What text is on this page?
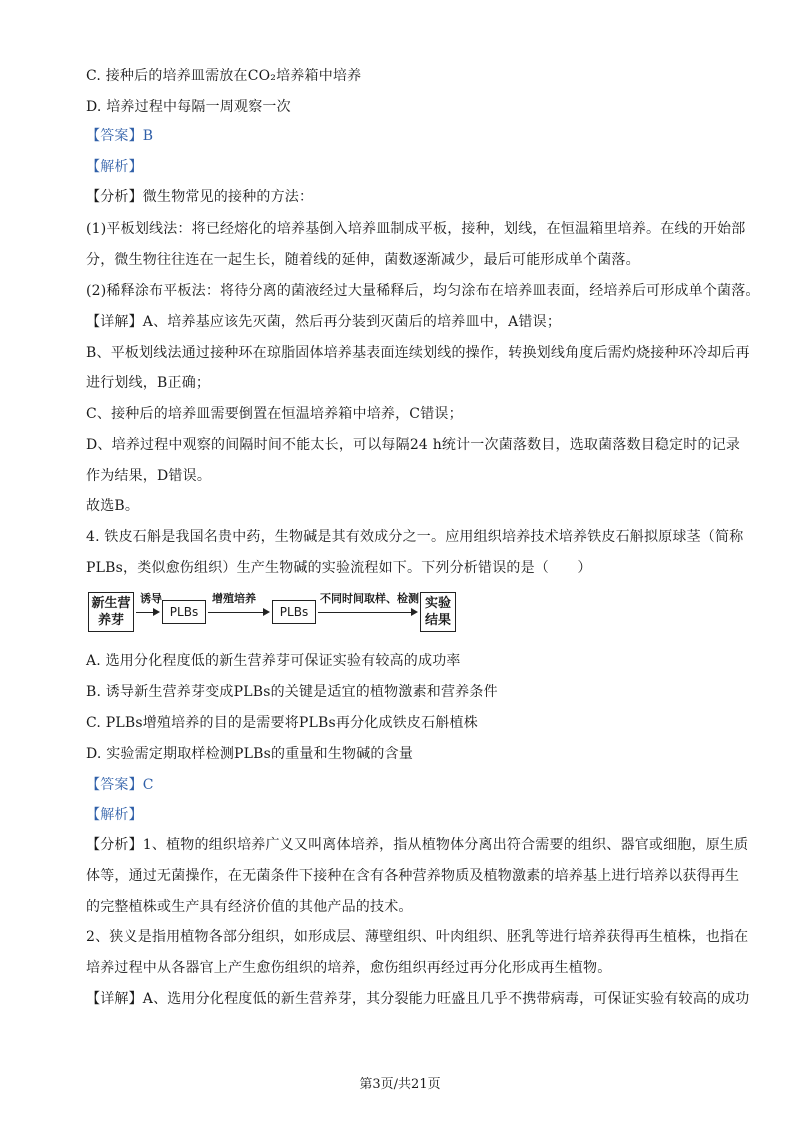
C. 接种后的培养皿需放在CO₂培养箱中培养
D. 培养过程中每隔一周观察一次
【答案】B
【解析】
【分析】微生物常见的接种的方法：
(1)平板划线法：将已经熔化的培养基倒入培养皿制成平板，接种，划线，在恒温箱里培养。在线的开始部
分，微生物往往连在一起生长，随着线的延伸，菌数逐渐减少，最后可能形成单个菌落。
(2)稀释涂布平板法：将待分离的菌液经过大量稀释后，均匀涂布在培养皿表面，经培养后可形成单个菌落。
【详解】A、培养基应该先灭菌，然后再分装到灭菌后的培养皿中，A错误；
B、平板划线法通过接种环在琼脂固体培养基表面连续划线的操作，转换划线角度后需灼烧接种环冷却后再
进行划线，B正确；
C、接种后的培养皿需要倒置在恒温培养箱中培养，C错误；
D、培养过程中观察的间隔时间不能太长，可以每隔24 h统计一次菌落数目，选取菌落数目稳定时的记录
作为结果，D错误。
故选B。
4. 铁皮石斛是我国名贵中药，生物碱是其有效成分之一。应用组织培养技术培养铁皮石斛拟原球茎（简称
PLBs，类似愈伤组织）生产生物碱的实验流程如下。下列分析错误的是（　　）
新生营养芽
诱导
PLBs
增殖培养
PLBs
不同时间取样、检测 实验结果
A. 选用分化程度低的新生营养芽可保证实验有较高的成功率
B. 诱导新生营养芽变成PLBs的关键是适宜的植物激素和营养条件
C. PLBs增殖培养的目的是需要将PLBs再分化成铁皮石斛植株
D. 实验需定期取样检测PLBs的重量和生物碱的含量
【答案】C
【解析】
【分析】1、植物的组织培养广义又叫离体培养，指从植物体分离出符合需要的组织、器官或细胞，原生质
体等，通过无菌操作，在无菌条件下接种在含有各种营养物质及植物激素的培养基上进行培养以获得再生
的完整植株或生产具有经济价值的其他产品的技术。
2、狭义是指用植物各部分组织，如形成层、薄壁组织、叶肉组织、胚乳等进行培养获得再生植株，也指在
培养过程中从各器官上产生愈伤组织的培养，愈伤组织再经过再分化形成再生植物。
【详解】A、选用分化程度低的新生营养芽，其分裂能力旺盛且几乎不携带病毒，可保证实验有较高的成功
第3页/共21页
